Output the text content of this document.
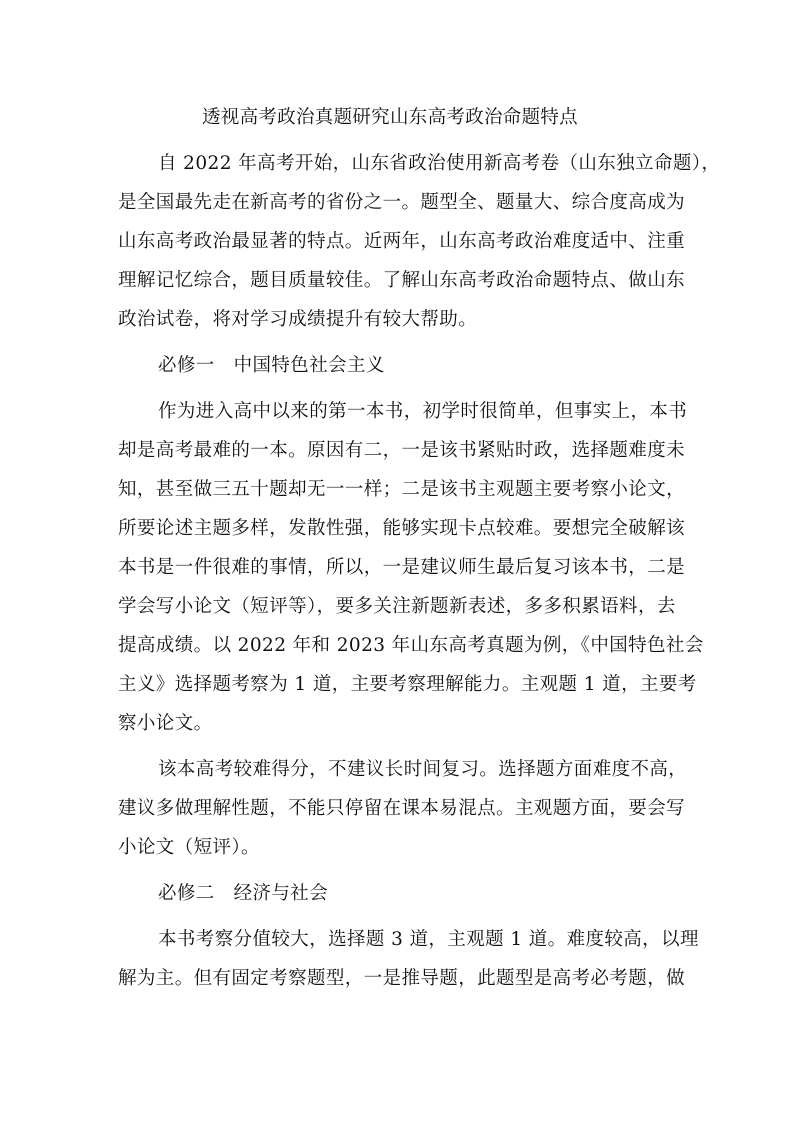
透视高考政治真题研究山东高考政治命题特点
自 2022 年高考开始，山东省政治使用新高考卷（山东独立命题），
是全国最先走在新高考的省份之一。题型全、题量大、综合度高成为
山东高考政治最显著的特点。近两年，山东高考政治难度适中、注重
理解记忆综合，题目质量较佳。了解山东高考政治命题特点、做山东
政治试卷，将对学习成绩提升有较大帮助。
必修一　中国特色社会主义
作为进入高中以来的第一本书，初学时很简单，但事实上，本书
却是高考最难的一本。原因有二，一是该书紧贴时政，选择题难度未
知，甚至做三五十题却无一一样；二是该书主观题主要考察小论文，
所要论述主题多样，发散性强，能够实现卡点较难。要想完全破解该
本书是一件很难的事情，所以，一是建议师生最后复习该本书，二是
学会写小论文（短评等），要多关注新题新表述，多多积累语料，去
提高成绩。以 2022 年和 2023 年山东高考真题为例，《中国特色社会
主义》选择题考察为 1 道，主要考察理解能力。主观题 1 道，主要考
察小论文。
该本高考较难得分，不建议长时间复习。选择题方面难度不高，
建议多做理解性题，不能只停留在课本易混点。主观题方面，要会写
小论文（短评）。
必修二　经济与社会
本书考察分值较大，选择题 3 道，主观题 1 道。难度较高，以理
解为主。但有固定考察题型，一是推导题，此题型是高考必考题，做
